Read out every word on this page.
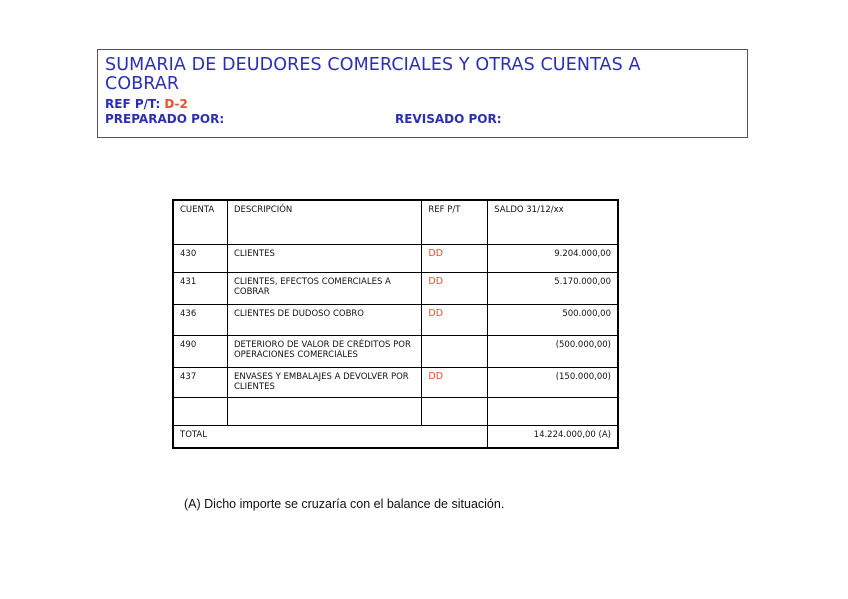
SUMARIA DE DEUDORES COMERCIALES Y OTRAS CUENTAS A COBRAR
REF P/T: D-2
PREPARADO POR:	REVISADO POR:
CUENTA	DESCRIPCIÓN	REF P/T	SALDO 31/12/xx
430	CLIENTES	DD	9.204.000,00
431	CLIENTES, EFECTOS COMERCIALES A COBRAR	DD	5.170.000,00
436	CLIENTES DE DUDOSO COBRO	DD	500.000,00
490	DETERIORO DE VALOR DE CRÉDITOS POR OPERACIONES COMERCIALES		(500.000,00)
437	ENVASES Y EMBALAJES A DEVOLVER POR CLIENTES	DD	(150.000,00)

TOTAL			14.224.000,00 (A)
(A) Dicho importe se cruzaría con el balance de situación.
